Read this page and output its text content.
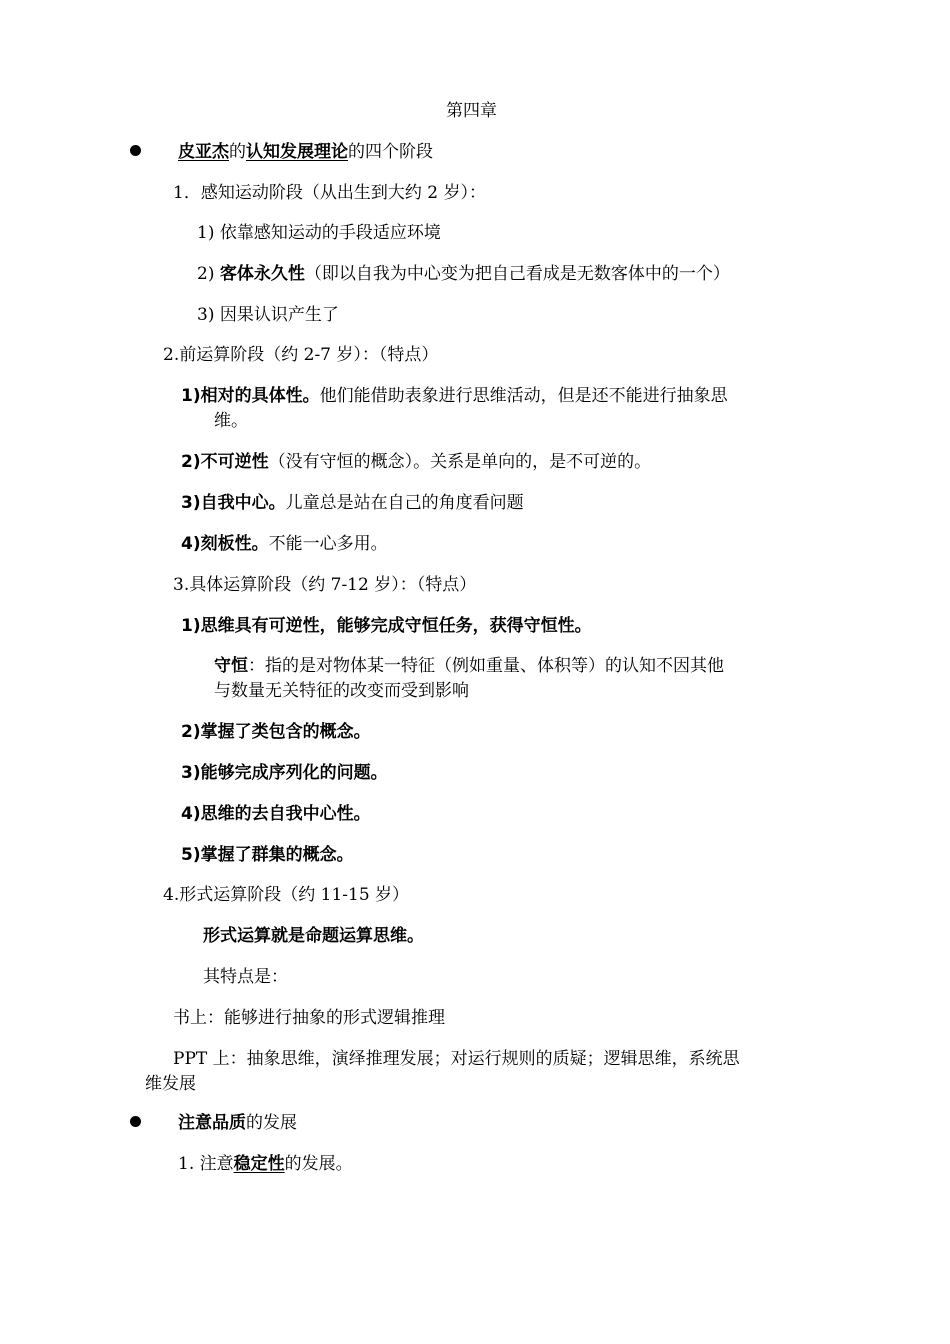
第四章
皮亚杰的认知发展理论的四个阶段
1．感知运动阶段（从出生到大约 2 岁）：
1) 依靠感知运动的手段适应环境
2) 客体永久性（即以自我为中心变为把自己看成是无数客体中的一个）
3) 因果认识产生了
2.前运算阶段（约 2-7 岁）：（特点）
1)相对的具体性。他们能借助表象进行思维活动，但是还不能进行抽象思
维。
2)不可逆性（没有守恒的概念）。关系是单向的，是不可逆的。
3)自我中心。儿童总是站在自己的角度看问题
4)刻板性。不能一心多用。
3.具体运算阶段（约 7-12 岁）：（特点）
1)思维具有可逆性，能够完成守恒任务，获得守恒性。
守恒：指的是对物体某一特征（例如重量、体积等）的认知不因其他
与数量无关特征的改变而受到影响
2)掌握了类包含的概念。
3)能够完成序列化的问题。
4)思维的去自我中心性。
5)掌握了群集的概念。
4.形式运算阶段（约 11-15 岁）
形式运算就是命题运算思维。
其特点是：
书上：能够进行抽象的形式逻辑推理
PPT 上：抽象思维，演绎推理发展；对运行规则的质疑；逻辑思维，系统思
维发展
注意品质的发展
1. 注意稳定性的发展。
